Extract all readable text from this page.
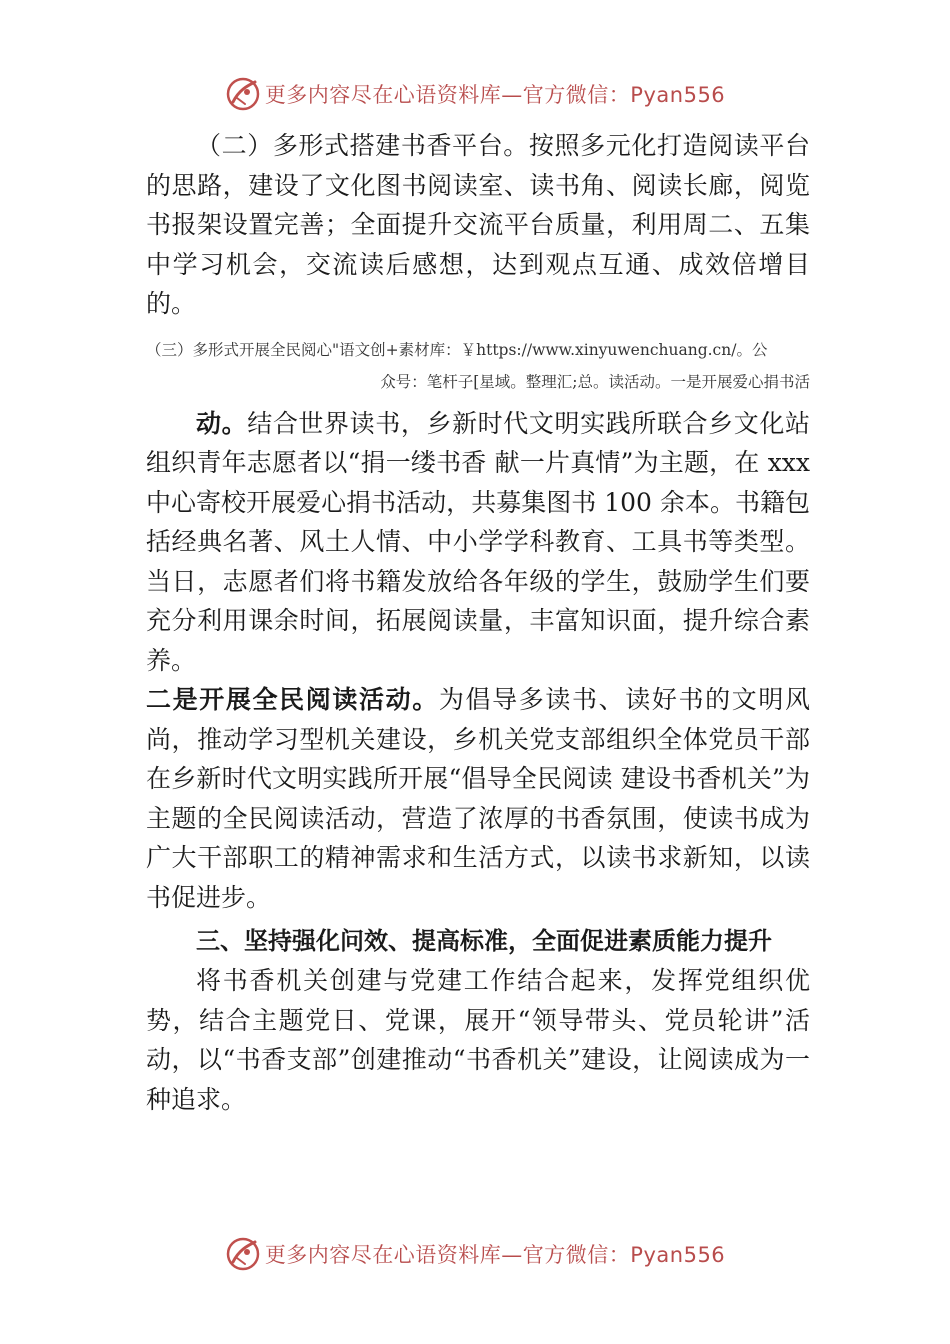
更多内容尽在心语资料库—官方微信：Pyan556

（二）多形式搭建书香平台。按照多元化打造阅读平台的思路，建设了文化图书阅读室、读书角、阅读长廊，阅览 书报架设置完善；全面提升交流平台质量，利用周二、五集中学习机会，交流读后感想，达到观点互通、成效倍增目的。

（三）多形式开展全民阅心"语文创+素材库：￥https://www.xinyuwenchuang.cn/。公

众号：笔杆子[星域。整理汇;总。读活动。一是开展爱心捐书活

动。结合世界读书，乡新时代文明实践所联合乡文化站组织青年志愿者以“捐一缕书香 献一片真情”为主题，在 xxx 中心寄校开展爱心捐书活动，共募集图书 100 余本。书籍包括经典名著、风土人情、中小学学科教育、工具书等类型。当日，志愿者们将书籍发放给各年级的学生，鼓励学生们要充分利用课余时间，拓展阅读量，丰富知识面，提升综合素养。

二是开展全民阅读活动。为倡导多读书、读好书的文明风尚，推动学习型机关建设，乡机关党支部组织全体党员干部在乡新时代文明实践所开展“倡导全民阅读 建设书香机关”为主题的全民阅读活动，营造了浓厚的书香氛围，使读书成为广大干部职工的精神需求和生活方式，以读书求新知，以读书促进步。

三、坚持强化问效、提高标准，全面促进素质能力提升

将书香机关创建与党建工作结合起来，发挥党组织优势，结合主题党日、党课，展开“领导带头、党员轮讲”活动，以“书香支部”创建推动“书香机关”建设，让阅读成为一种追求。

更多内容尽在心语资料库—官方微信：Pyan556
